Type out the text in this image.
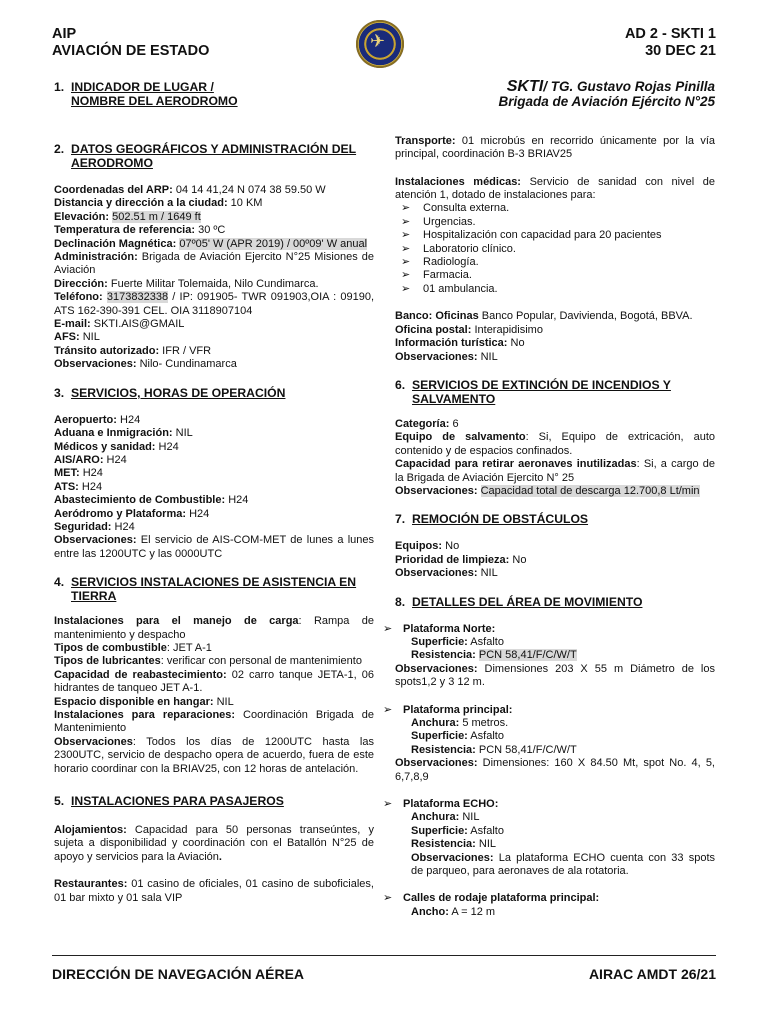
AIP
AVIACIÓN DE ESTADO
✈
AD 2 - SKTI 1
30 DEC 21
1. INDICADOR DE LUGAR /
NOMBRE DEL AERODROMO
2. DATOS GEOGRÁFICOS Y ADMINISTRACIÓN DEL AERODROMO

Coordenadas del ARP: 04 14 41,24 N 074 38 59.50 W

Distancia y dirección a la ciudad: 10 KM

Elevación: 502.51 m / 1649 ft

Temperatura de referencia: 30 ºC

Declinación Magnética: 07º05' W (APR 2019) / 00º09' W anual

Administración: Brigada de Aviación Ejercito N°25 Misiones de Aviación

Dirección: Fuerte Militar Tolemaida, Nilo Cundimarca.

Teléfono: 3173832338 / IP: 091905- TWR 091903,OIA : 09190, ATS 162-390-391 CEL. OIA 3118907104

E-mail: SKTI.AIS@GMAIL

AFS: NIL

Tránsito autorizado: IFR / VFR

Observaciones: Nilo- Cundinamarca

3. SERVICIOS, HORAS DE OPERACIÓN

Aeropuerto: H24

Aduana e Inmigración: NIL

Médicos y sanidad: H24

AIS/ARO: H24

MET: H24

ATS: H24

Abastecimiento de Combustible: H24

Aeródromo y Plataforma: H24

Seguridad: H24

Observaciones: El servicio de AIS-COM-MET de lunes a lunes entre las 1200UTC y las 0000UTC

4. SERVICIOS INSTALACIONES DE ASISTENCIA EN TIERRA

Instalaciones para el manejo de carga: Rampa de mantenimiento y despacho

Tipos de combustible: JET A-1

Tipos de lubricantes: verificar con personal de mantenimiento

Capacidad de reabastecimiento: 02 carro tanque JETA-1, 06 hidrantes de tanqueo JET A-1.

Espacio disponible en hangar: NIL

Instalaciones para reparaciones: Coordinación Brigada de Mantenimiento

Observaciones: Todos los días de 1200UTC hasta las 2300UTC, servicio de despacho opera de acuerdo, fuera de este horario coordinar con la BRIAV25, con 12 horas de antelación.

5. INSTALACIONES PARA PASAJEROS

Alojamientos: Capacidad para 50 personas transeúntes, y sujeta a disponibilidad y coordinación con el Batallón N°25 de apoyo y servicios para la Aviación.

Restaurantes: 01 casino de oficiales, 01 casino de suboficiales, 01 bar mixto y 01 sala VIP

SKTI/ TG. Gustavo Rojas Pinilla
Brigada de Aviación Ejército N°25

Transporte: 01 microbús en recorrido únicamente por la vía principal, coordinación B-3 BRIAV25

Instalaciones médicas: Servicio de sanidad con nivel de atención 1, dotado de instalaciones para:

➢ Consulta externa.
➢ Urgencias.
➢ Hospitalización con capacidad para 20 pacientes
➢ Laboratorio clínico.
➢ Radiología.
➢ Farmacia.
➢ 01 ambulancia.

Banco: Oficinas Banco Popular, Davivienda, Bogotá, BBVA.

Oficina postal: Interapidisimo

Información turística: No

Observaciones: NIL

6. SERVICIOS DE EXTINCIÓN DE INCENDIOS Y SALVAMENTO

Categoría: 6

Equipo de salvamento: Si, Equipo de extricación, auto contenido y de espacios confinados.

Capacidad para retirar aeronaves inutilizadas: Si, a cargo de la Brigada de Aviación Ejercito N° 25

Observaciones: Capacidad total de descarga 12.700,8 Lt/min

7. REMOCIÓN DE OBSTÁCULOS

Equipos: No

Prioridad de limpieza: No

Observaciones: NIL

8. DETALLES DEL ÁREA DE MOVIMIENTO

➢ Plataforma Norte:

Superficie: Asfalto

Resistencia: PCN 58,41/F/C/W/T

Observaciones: Dimensiones 203 X 55 m Diámetro de los spots1,2 y 3 12 m.

➢ Plataforma principal:

Anchura: 5 metros.

Superficie: Asfalto

Resistencia: PCN 58,41/F/C/W/T

Observaciones: Dimensiones: 160 X 84.50 Mt, spot No. 4, 5, 6,7,8,9

➢ Plataforma ECHO:

Anchura: NIL

Superficie: Asfalto

Resistencia: NIL

Observaciones: La plataforma ECHO cuenta con 33 spots de parqueo, para aeronaves de ala rotatoria.

➢ Calles de rodaje plataforma principal:

Ancho: A = 12 m

DIRECCIÓN DE NAVEGACIÓN AÉREA	AIRAC AMDT 26/21
